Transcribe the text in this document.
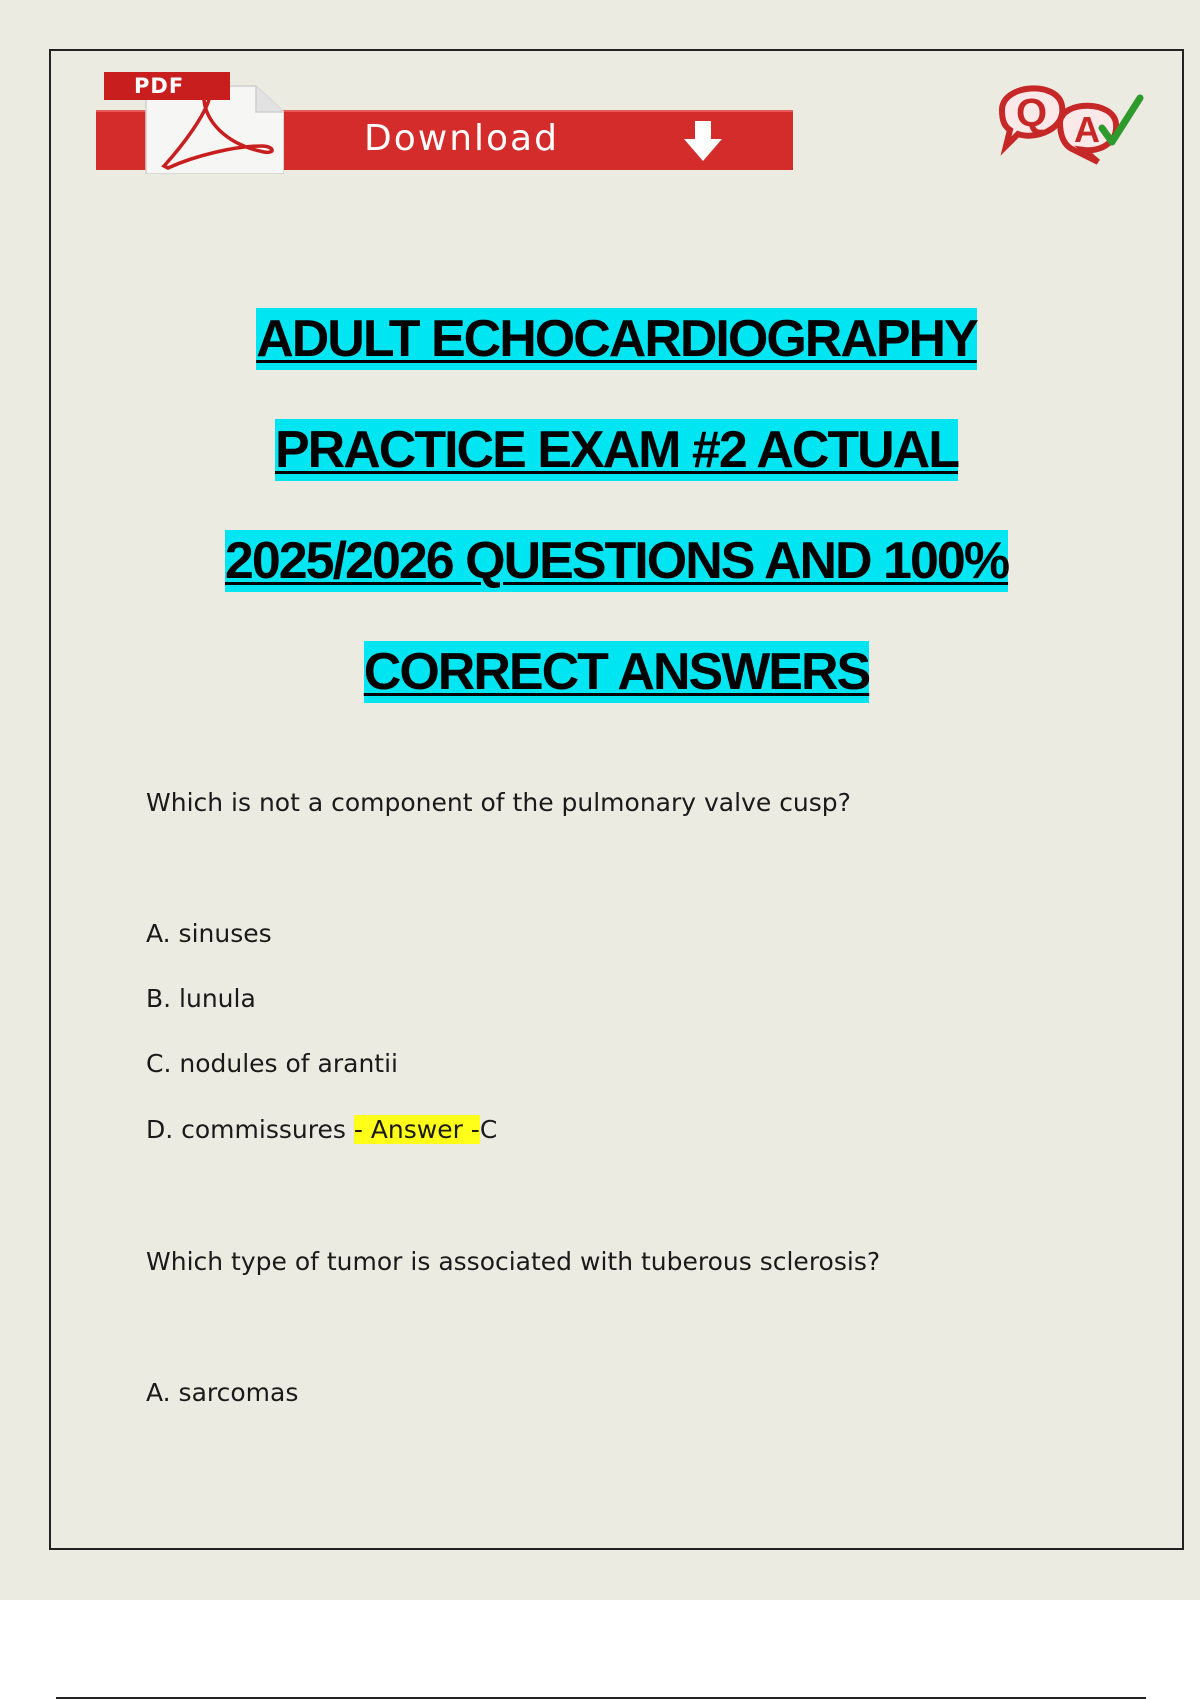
PDF
Download
Q A
ADULT ECHOCARDIOGRAPHY
PRACTICE EXAM #2 ACTUAL
2025/2026 QUESTIONS AND 100%
CORRECT ANSWERS
Which is not a component of the pulmonary valve cusp?
A. sinuses
B. lunula
C. nodules of arantii
D. commissures - Answer -C
Which type of tumor is associated with tuberous sclerosis?
A. sarcomas
